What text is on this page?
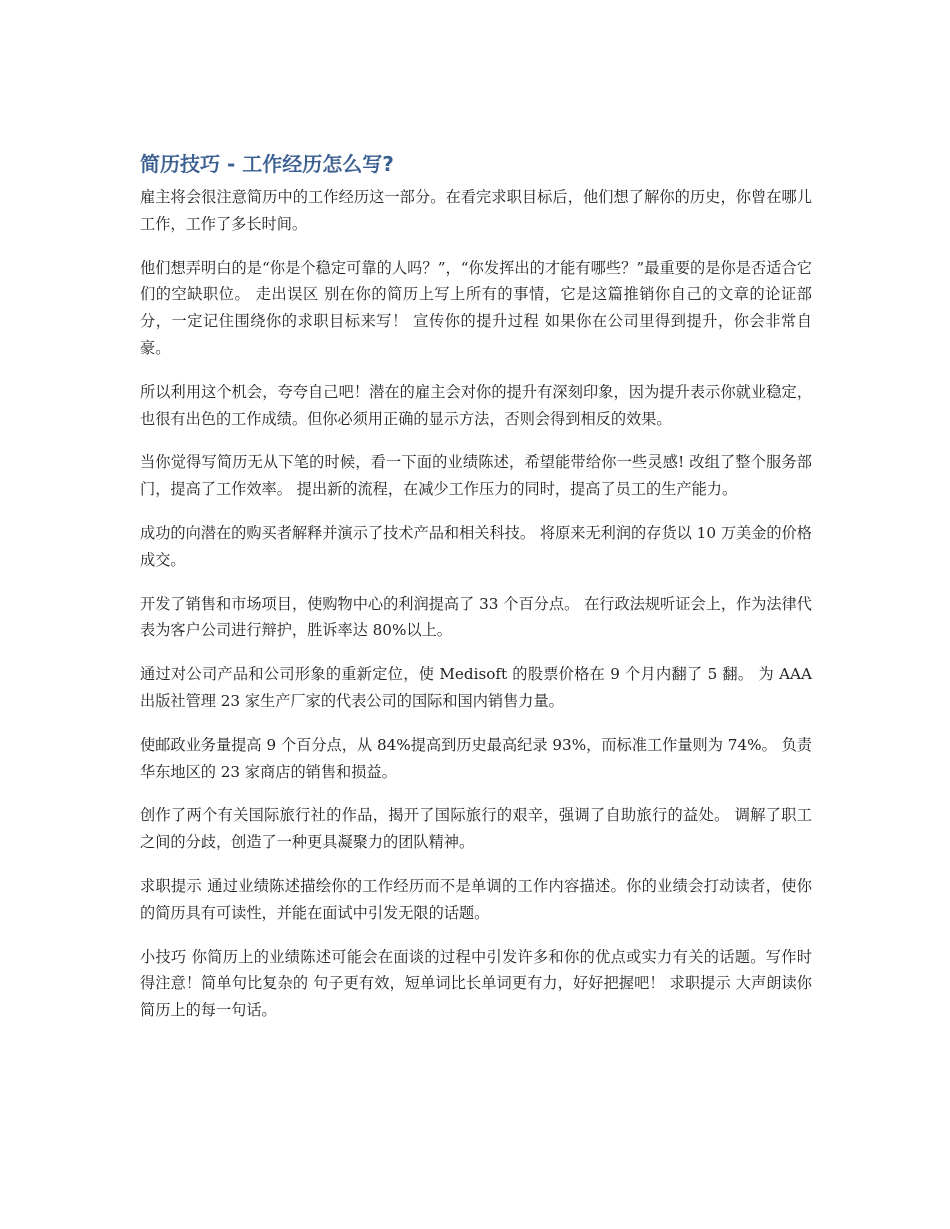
简历技巧 - 工作经历怎么写?

雇主将会很注意简历中的工作经历这一部分。在看完求职目标后，他们想了解你的历史，你曾在哪儿工作，工作了多长时间。

他们想弄明白的是“你是个稳定可靠的人吗？”，“你发挥出的才能有哪些？”最重要的是你是否适合它们的空缺职位。 走出误区 别在你的简历上写上所有的事情，它是这篇推销你自己的文章的论证部分，一定记住围绕你的求职目标来写！ 宣传你的提升过程 如果你在公司里得到提升，你会非常自豪。

所以利用这个机会，夸夸自己吧！潜在的雇主会对你的提升有深刻印象，因为提升表示你就业稳定，也很有出色的工作成绩。但你必须用正确的显示方法，否则会得到相反的效果。

当你觉得写简历无从下笔的时候，看一下面的业绩陈述，希望能带给你一些灵感! 改组了整个服务部门，提高了工作效率。 提出新的流程，在减少工作压力的同时，提高了员工的生产能力。

成功的向潜在的购买者解释并演示了技术产品和相关科技。 将原来无利润的存货以 10 万美金的价格成交。

开发了销售和市场项目，使购物中心的利润提高了 33 个百分点。 在行政法规听证会上，作为法律代表为客户公司进行辩护，胜诉率达 80%以上。

通过对公司产品和公司形象的重新定位，使 Medisoft 的股票价格在 9 个月内翻了 5 翻。 为 AAA 出版社管理 23 家生产厂家的代表公司的国际和国内销售力量。

使邮政业务量提高 9 个百分点，从 84%提高到历史最高纪录 93%，而标准工作量则为 74%。 负责华东地区的 23 家商店的销售和损益。

创作了两个有关国际旅行社的作品，揭开了国际旅行的艰辛，强调了自助旅行的益处。 调解了职工之间的分歧，创造了一种更具凝聚力的团队精神。

求职提示 通过业绩陈述描绘你的工作经历而不是单调的工作内容描述。你的业绩会打动读者，使你的简历具有可读性，并能在面试中引发无限的话题。

小技巧 你简历上的业绩陈述可能会在面谈的过程中引发许多和你的优点或实力有关的话题。写作时得注意！简单句比复杂的 句子更有效，短单词比长单词更有力，好好把握吧！ 求职提示 大声朗读你简历上的每一句话。
